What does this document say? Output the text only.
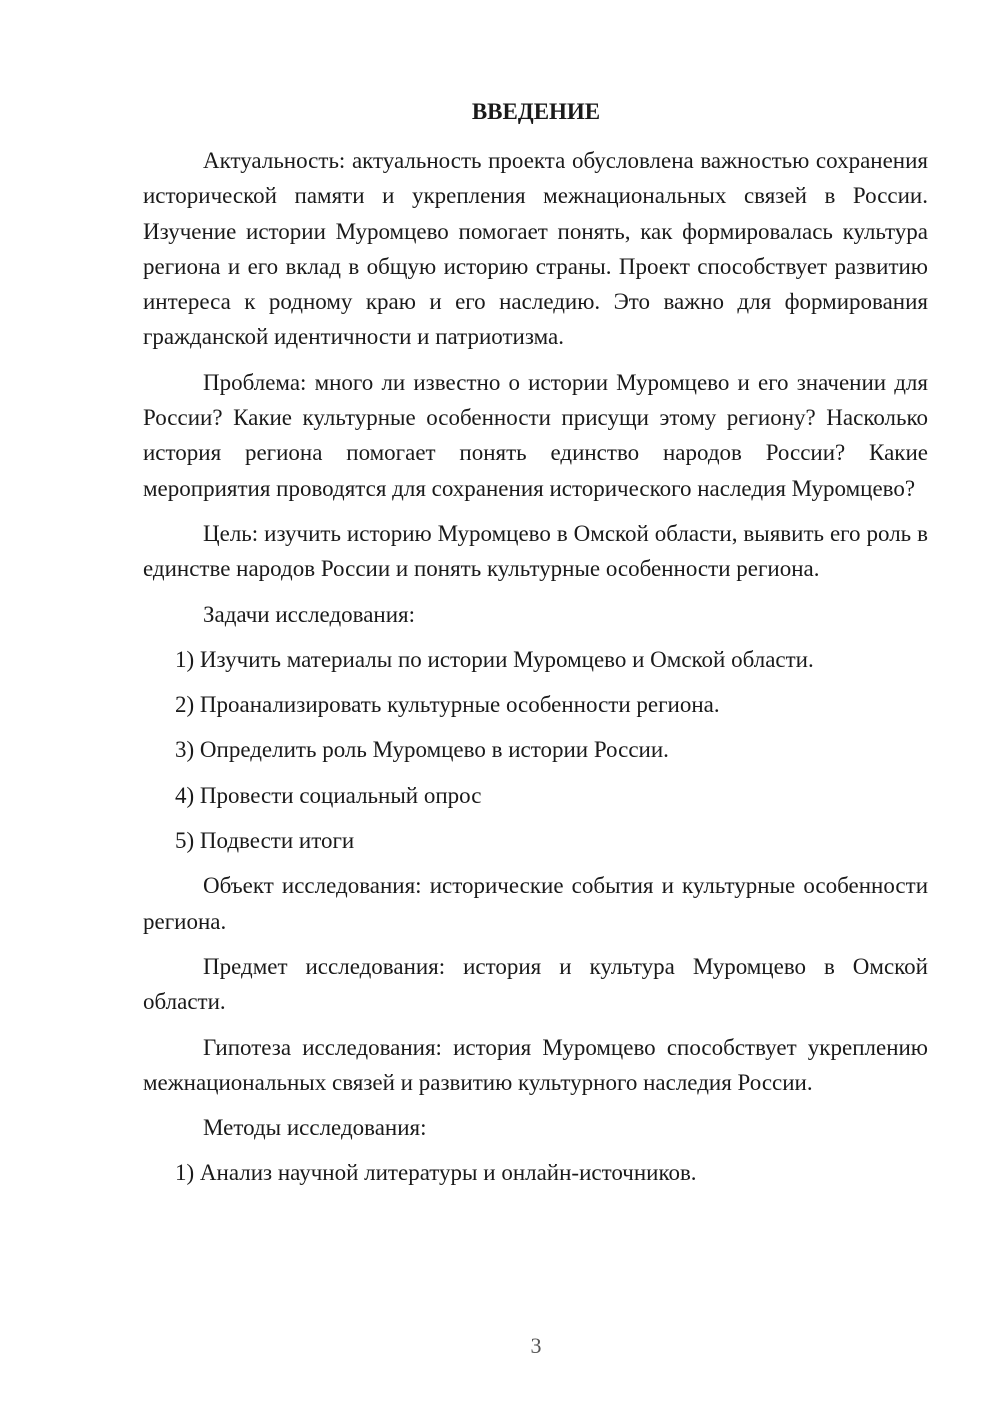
ВВЕДЕНИЕ

Актуальность: актуальность проекта обусловлена важностью сохранения исторической памяти и укрепления межнациональных связей в России. Изучение истории Муромцево помогает понять, как формировалась культура региона и его вклад в общую историю страны. Проект способствует развитию интереса к родному краю и его наследию. Это важно для формирования гражданской идентичности и патриотизма.

Проблема: много ли известно о истории Муромцево и его значении для России? Какие культурные особенности присущи этому региону? Насколько история региона помогает понять единство народов России? Какие мероприятия проводятся для сохранения исторического наследия Муромцево?

Цель: изучить историю Муромцево в Омской области, выявить его роль в единстве народов России и понять культурные особенности региона.

Задачи исследования:

1) Изучить материалы по истории Муромцево и Омской области.

2) Проанализировать культурные особенности региона.

3) Определить роль Муромцево в истории России.

4) Провести социальный опрос

5) Подвести итоги

Объект исследования: исторические события и культурные особенности региона.

Предмет исследования: история и культура Муромцево в Омской области.

Гипотеза исследования: история Муромцево способствует укреплению межнациональных связей и развитию культурного наследия России.

Методы исследования:

1) Анализ научной литературы и онлайн-источников.

3
